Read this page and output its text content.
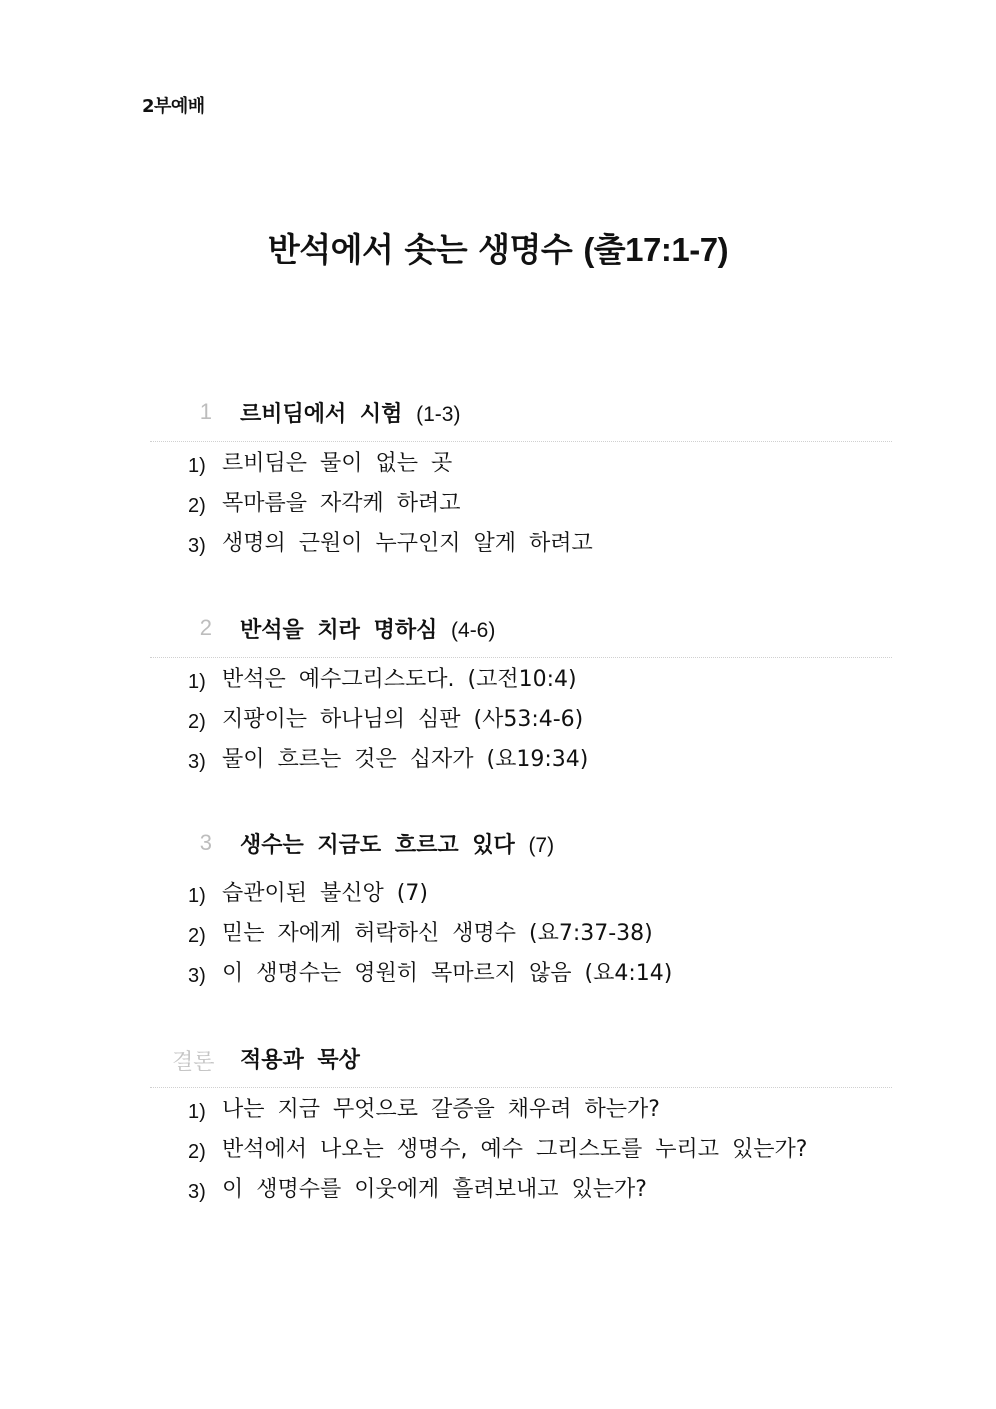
2부예배
반석에서 솟는 생명수 (출17:1-7)
1	르비딤에서 시험 (1-3)
1) 르비딤은 물이 없는 곳
2) 목마름을 자각케 하려고
3) 생명의 근원이 누구인지 알게 하려고
2	반석을 치라 명하심 (4-6)
1) 반석은 예수그리스도다. (고전10:4)
2) 지팡이는 하나님의 심판 (사53:4-6)
3) 물이 흐르는 것은 십자가 (요19:34)
3	생수는 지금도 흐르고 있다 (7)
1) 습관이된 불신앙 (7)
2) 믿는 자에게 허락하신 생명수 (요7:37-38)
3) 이 생명수는 영원히 목마르지 않음 (요4:14)
결론	적용과 묵상
1) 나는 지금 무엇으로 갈증을 채우려 하는가?
2) 반석에서 나오는 생명수, 예수 그리스도를 누리고 있는가?
3) 이 생명수를 이웃에게 흘려보내고 있는가?
